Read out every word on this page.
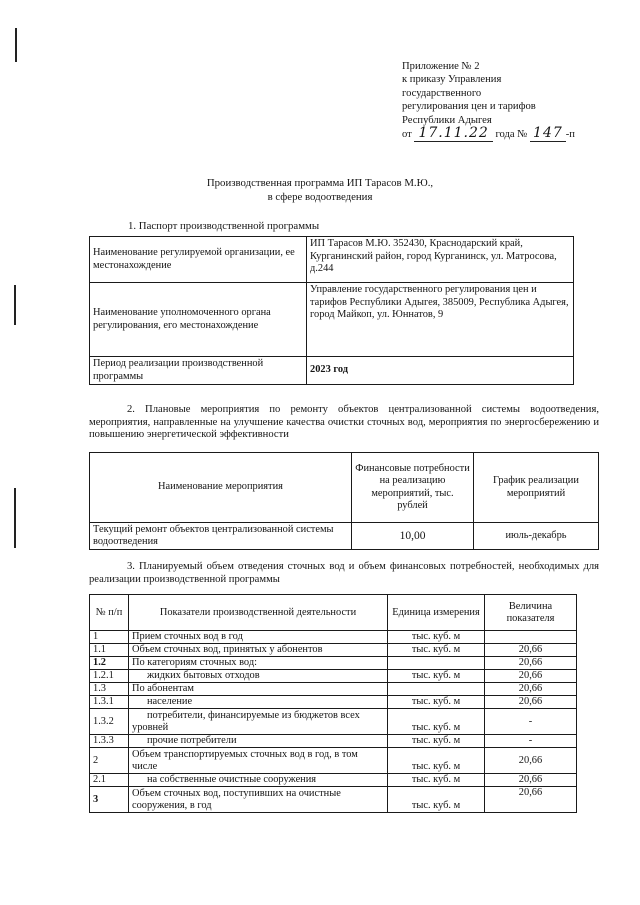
Приложение № 2
к приказу Управления
государственного
регулирования цен и тарифов
Республики Адыгея
от 17.11.22 года № 147 -п
Производственная программа ИП Тарасов М.Ю.,
в сфере водоотведения
1. Паспорт производственной программы
Наименование регулируемой организации, ее местонахождение	ИП Тарасов М.Ю. 352430, Краснодарский край, Курганинский район, город Курганинск, ул. Матросова, д.244
Наименование уполномоченного органа регулирования, его местонахождение	Управление государственного регулирования цен и тарифов Республики Адыгея, 385009, Республика Адыгея, город Майкоп, ул. Юннатов, 9
Период реализации производственной программы	2023 год
2. Плановые мероприятия по ремонту объектов централизованной системы водоотведения, мероприятия, направленные на улучшение качества очистки сточных вод, мероприятия по энергосбережению и повышению энергетической эффективности
Наименование мероприятия	Финансовые потребности на реализацию мероприятий, тыс. рублей	График реализации мероприятий
Текущий ремонт объектов централизованной системы водоотведения	10,00	июль-декабрь
3. Планируемый объем отведения сточных вод и объем финансовых потребностей, необходимых для реализации производственной программы
№ п/п	Показатели производственной деятельности	Единица измерения	Величина показателя
1	Прием сточных вод в год	тыс. куб. м	
1.1	Объем сточных вод, принятых у абонентов	тыс. куб. м	20,66
1.2	По категориям сточных вод:		20,66
1.2.1	жидких бытовых отходов	тыс. куб. м	20,66
1.3	По абонентам		20,66
1.3.1	население	тыс. куб. м	20,66
1.3.2	потребители, финансируемые из бюджетов всех уровней	тыс. куб. м	-
1.3.3	прочие потребители	тыс. куб. м	-
2	Объем транспортируемых сточных вод в год, в том числе	тыс. куб. м	20,66
2.1	на собственные очистные сооружения	тыс. куб. м	20,66
3	Объем сточных вод, поступивших на очистные сооружения, в год	тыс. куб. м	20,66
